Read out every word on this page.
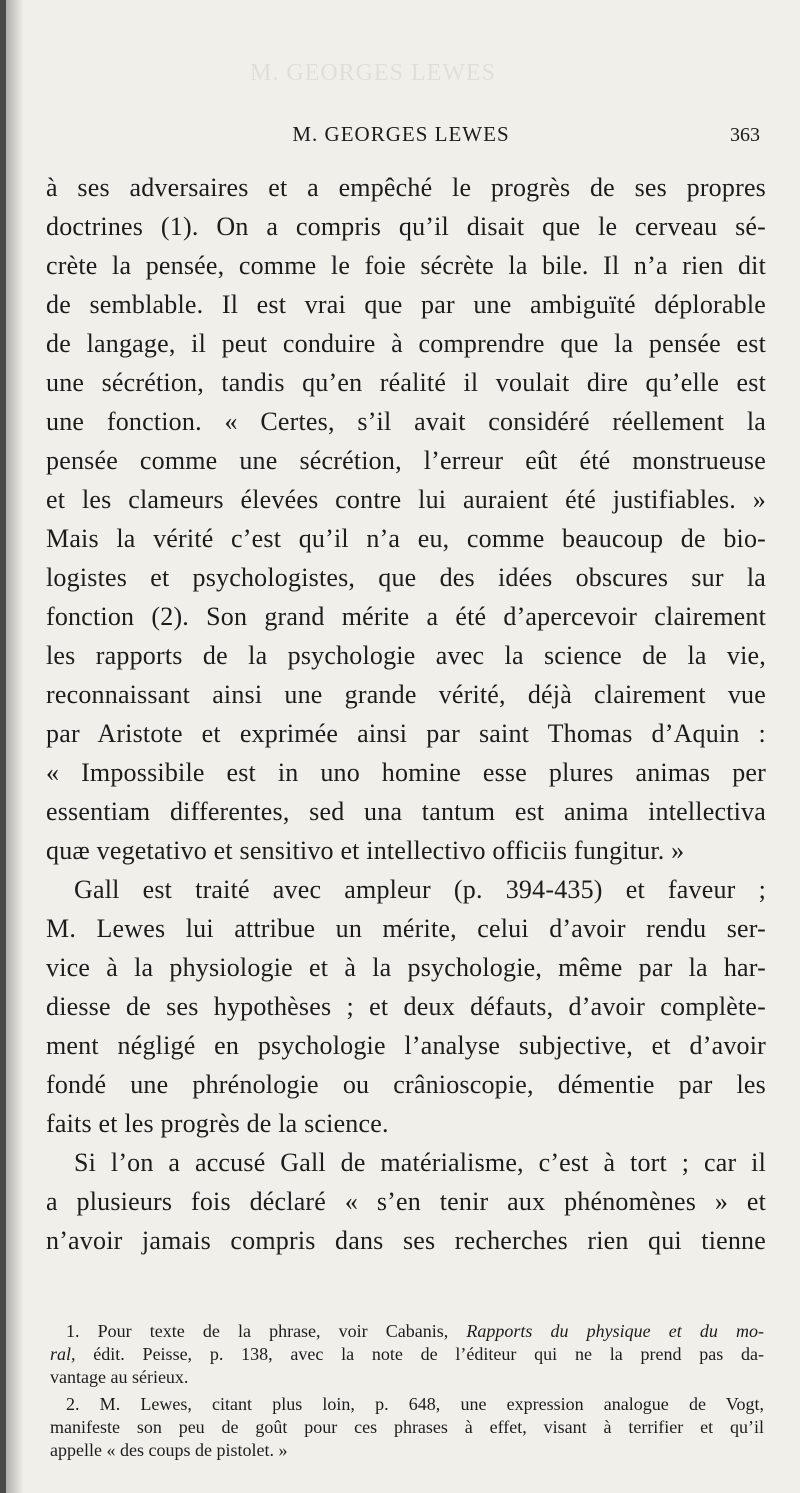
M. GEORGES LEWES
M. GEORGES LEWES	363
à ses adversaires et a empêché le progrès de ses propres
doctrines (1). On a compris qu’il disait que le cerveau sé-
crète la pensée, comme le foie sécrète la bile. Il n’a rien dit
de semblable. Il est vrai que par une ambiguïté déplorable
de langage, il peut conduire à comprendre que la pensée est
une sécrétion, tandis qu’en réalité il voulait dire qu’elle est
une fonction. « Certes, s’il avait considéré réellement la
pensée comme une sécrétion, l’erreur eût été monstrueuse
et les clameurs élevées contre lui auraient été justifiables. »
Mais la vérité c’est qu’il n’a eu, comme beaucoup de bio-
logistes et psychologistes, que des idées obscures sur la
fonction (2). Son grand mérite a été d’apercevoir clairement
les rapports de la psychologie avec la science de la vie,
reconnaissant ainsi une grande vérité, déjà clairement vue
par Aristote et exprimée ainsi par saint Thomas d’Aquin :
« Impossibile est in uno homine esse plures animas per
essentiam differentes, sed una tantum est anima intellectiva
quæ vegetativo et sensitivo et intellectivo officiis fungitur. »
Gall est traité avec ampleur (p. 394-435) et faveur ;
M. Lewes lui attribue un mérite, celui d’avoir rendu ser-
vice à la physiologie et à la psychologie, même par la har-
diesse de ses hypothèses ; et deux défauts, d’avoir complète-
ment négligé en psychologie l’analyse subjective, et d’avoir
fondé une phrénologie ou crânioscopie, démentie par les
faits et les progrès de la science.
Si l’on a accusé Gall de matérialisme, c’est à tort ; car il
a plusieurs fois déclaré « s’en tenir aux phénomènes » et
n’avoir jamais compris dans ses recherches rien qui tienne
1. Pour texte de la phrase, voir Cabanis, Rapports du physique et du mo-
ral, édit. Peisse, p. 138, avec la note de l’éditeur qui ne la prend pas da-
vantage au sérieux.
2. M. Lewes, citant plus loin, p. 648, une expression analogue de Vogt,
manifeste son peu de goût pour ces phrases à effet, visant à terrifier et qu’il
appelle « des coups de pistolet. »
